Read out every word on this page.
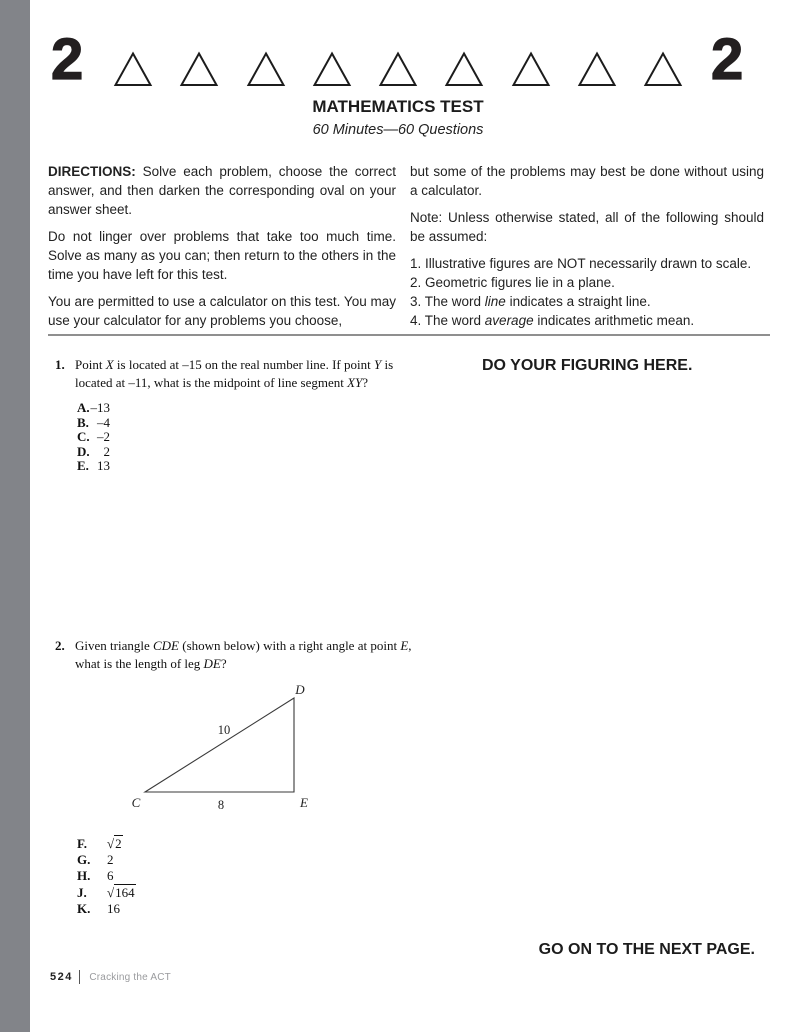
2	2
MATHEMATICS TEST
60 Minutes—60 Questions

DIRECTIONS: Solve each problem, choose the correct answer, and then darken the corresponding oval on your answer sheet.

Do not linger over problems that take too much time. Solve as many as you can; then return to the others in the time you have left for this test.

You are permitted to use a calculator on this test. You may use your calculator for any problems you choose,

but some of the problems may best be done without using a calculator.

Note: Unless otherwise stated, all of the following should be assumed:

1. Illustrative figures are NOT necessarily drawn to scale.

2. Geometric figures lie in a plane.

3. The word line indicates a straight line.

4. The word average indicates arithmetic mean.

DO YOUR FIGURING HERE.
1. Point X is located at –15 on the real number line. If point Y is located at –11, what is the midpoint of line segment XY?
A. –13
B. –4
C. –2
D.	2
E. 13
2. Given triangle CDE (shown below) with a right angle at point E, what is the length of leg DE?
C
D
E
10
8
F. √2
G. 2
H. 6
J. √164
K. 16
GO ON TO THE NEXT PAGE.
524 Cracking the ACT
